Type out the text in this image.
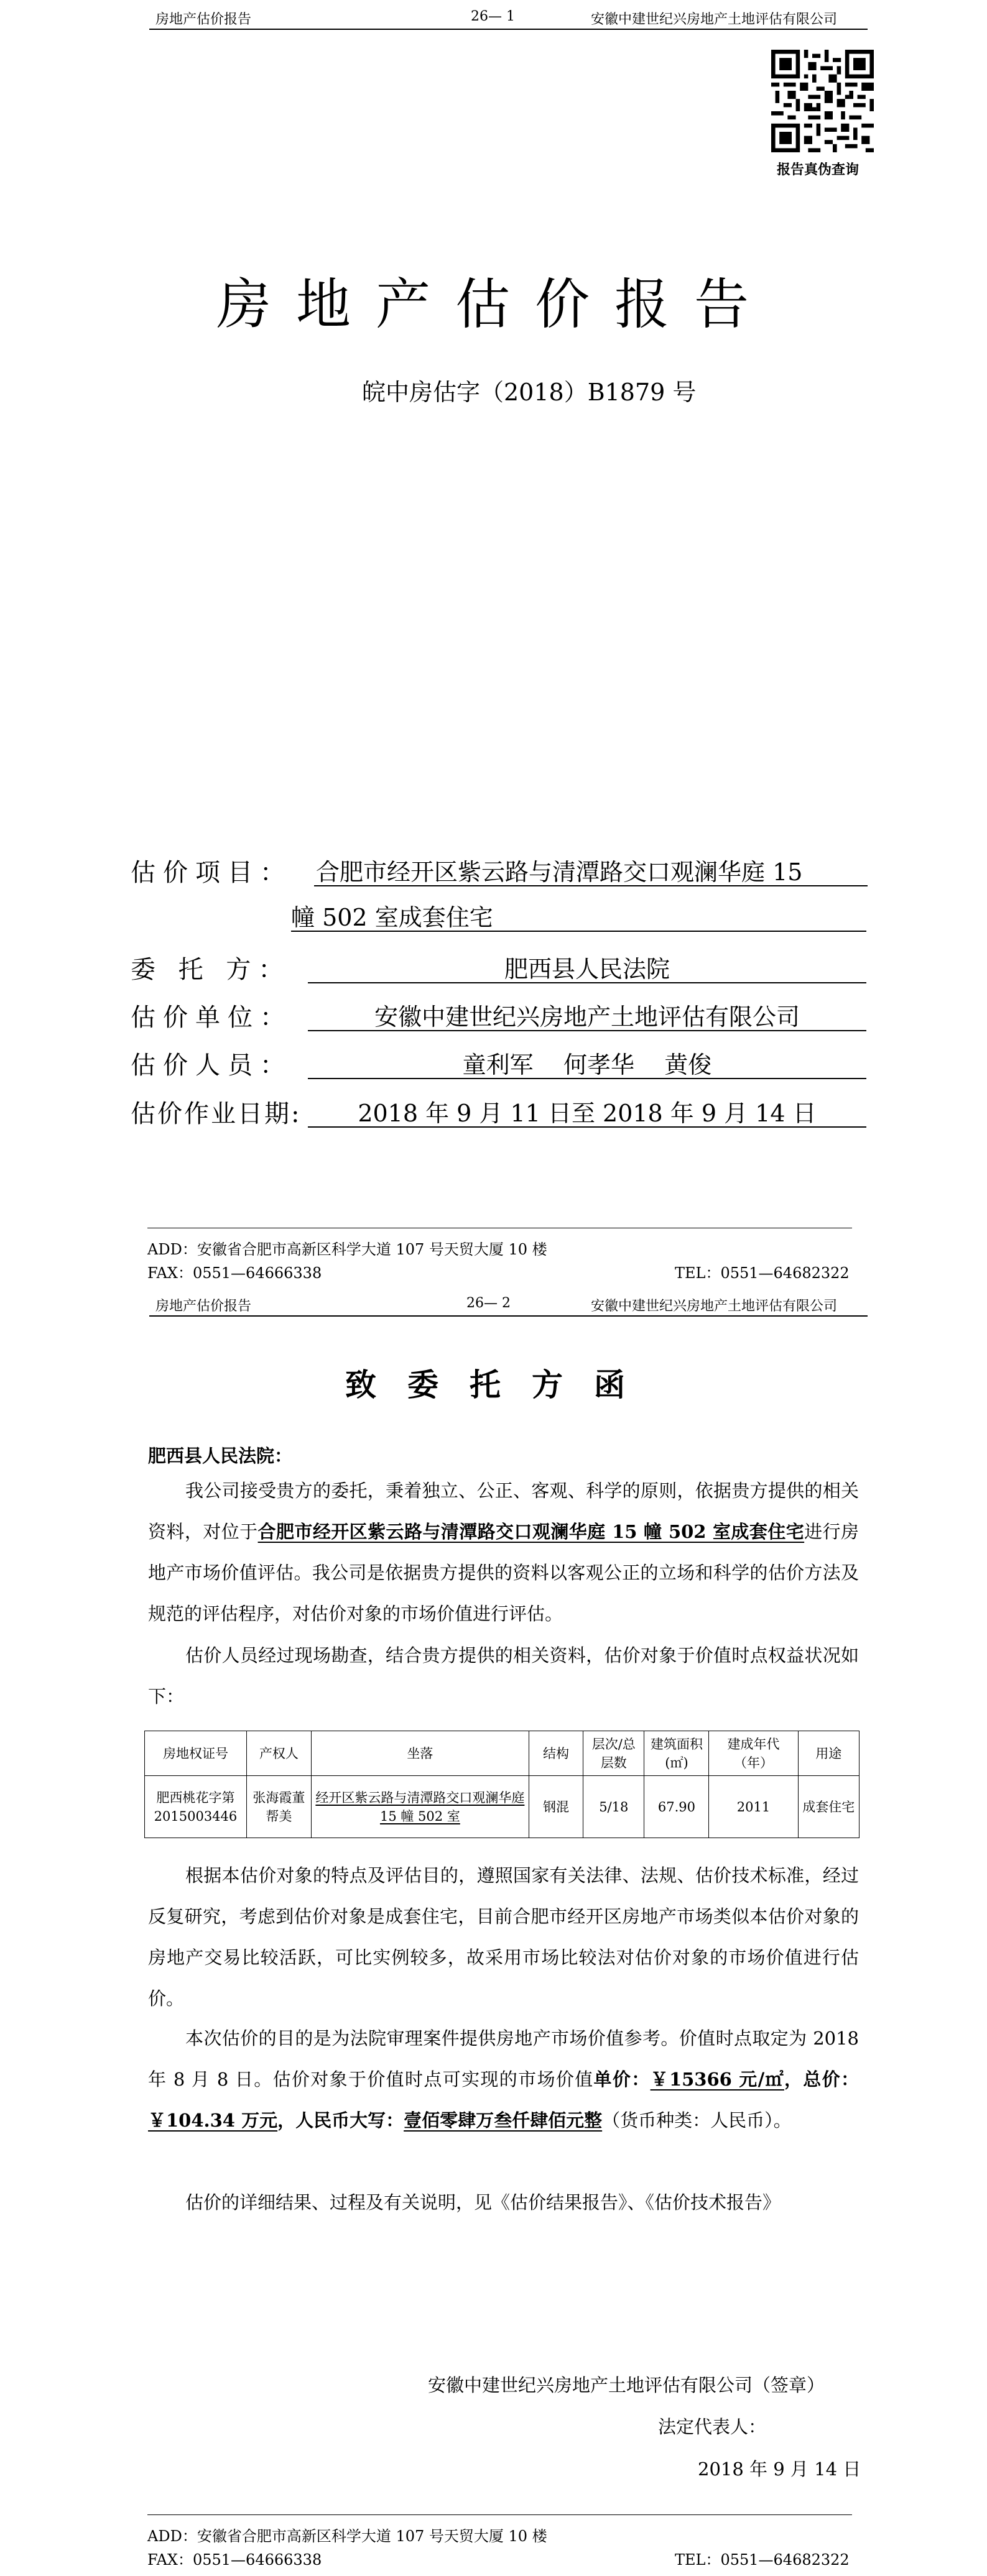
房地产估价报告	26— 1	安徽中建世纪兴房地产土地评估有限公司
报告真伪查询
房地产估价报告
皖中房估字（2018）B1879 号
估价项目： 合肥市经开区紫云路与清潭路交口观澜华庭 15
幢 502 室成套住宅
委 托 方：	肥西县人民法院
估价单位：	安徽中建世纪兴房地产土地评估有限公司
估价人员：	童利军    何孝华    黄俊
估价作业日期:	2018 年 9 月 11 日至 2018 年 9 月 14 日
ADD：安徽省合肥市高新区科学大道 107 号天贸大厦 10 楼
FAX：0551—64666338	TEL：0551—64682322
房地产估价报告	26— 2	安徽中建世纪兴房地产土地评估有限公司
致委托方函
肥西县人民法院：

我公司接受贵方的委托，秉着独立、公正、客观、科学的原则，依据贵方提供的相关资料，对位于合肥市经开区紫云路与清潭路交口观澜华庭 15 幢 502 室成套住宅进行房地产市场价值评估。我公司是依据贵方提供的资料以客观公正的立场和科学的估价方法及规范的评估程序，对估价对象的市场价值进行评估。

估价人员经过现场勘查，结合贵方提供的相关资料，估价对象于价值时点权益状况如下：

房地权证号	产权人	坐落	结构	层次/总层数	建筑面积(㎡)	建成年代（年）	用途
肥西桃花字第2015003446	张海霞董帮美	经开区紫云路与清潭路交口观澜华庭 15 幢 502 室	钢混	5/18	67.90	2011	成套住宅

根据本估价对象的特点及评估目的，遵照国家有关法律、法规、估价技术标准，经过反复研究，考虑到估价对象是成套住宅，目前合肥市经开区房地产市场类似本估价对象的房地产交易比较活跃，可比实例较多，故采用市场比较法对估价对象的市场价值进行估价。

本次估价的目的是为法院审理案件提供房地产市场价值参考。价值时点取定为 2018 年 8 月 8 日。估价对象于价值时点可实现的市场价值单价：￥15366 元/㎡，总价：￥104.34 万元，人民币大写：壹佰零肆万叁仟肆佰元整（货币种类：人民币）。

估价的详细结果、过程及有关说明，见《估价结果报告》、《估价技术报告》

安徽中建世纪兴房地产土地评估有限公司（签章）
法定代表人：
2018 年 9 月 14 日
ADD：安徽省合肥市高新区科学大道 107 号天贸大厦 10 楼
FAX：0551—64666338	TEL：0551—64682322
